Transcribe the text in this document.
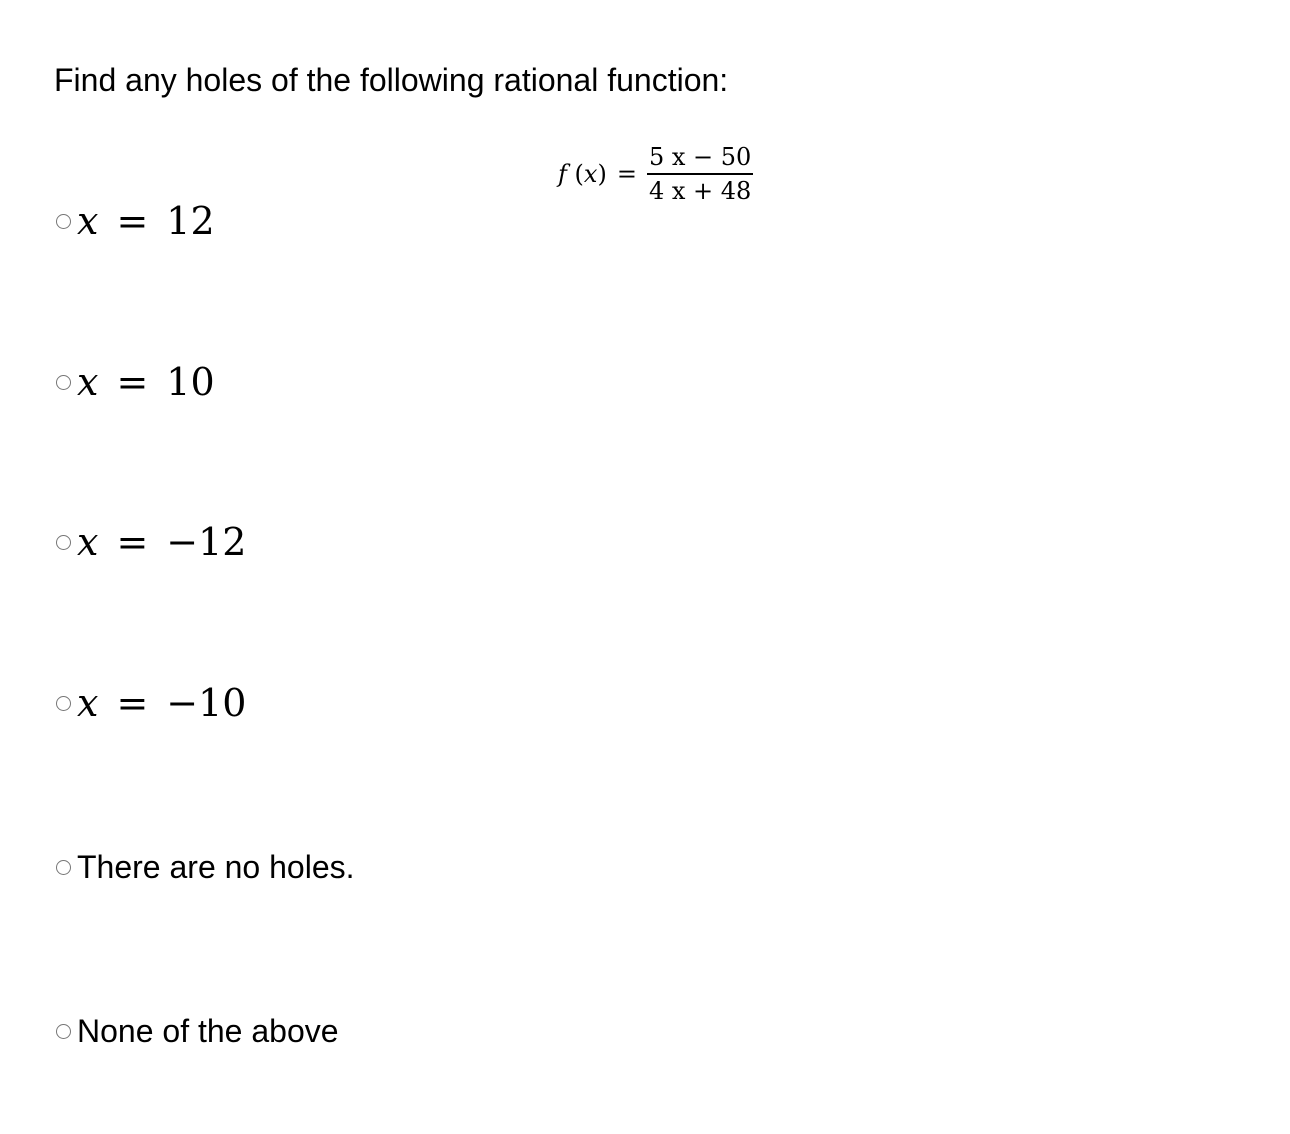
Find any holes of the following rational function:
f $(x) = \frac{5 x - 50}{4 x + 48}$
x = 12
x = 10
x = −12
x = −10
There are no holes.
None of the above
